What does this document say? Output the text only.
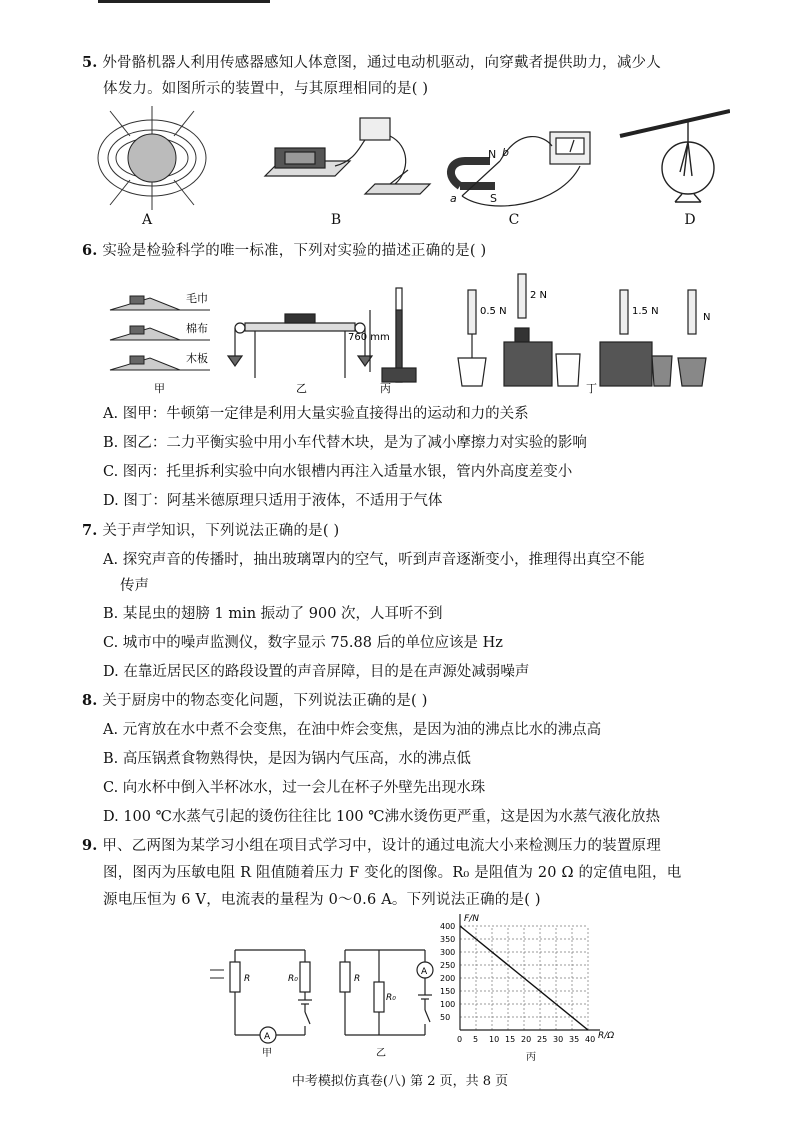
5. 外骨骼机器人利用传感器感知人体意图，通过电动机驱动，向穿戴者提供助力，减少人
体发力。如图所示的装置中，与其原理相同的是( )
N b
S
a
A	B	C	D
6. 实验是检验科学的唯一标准，下列对实验的描述正确的是( )
毛巾
棉布
木板
760 mm
0.5 N
2 N
1.5 N
N
甲	乙	丙	丁
A. 图甲：牛顿第一定律是利用大量实验直接得出的运动和力的关系
B. 图乙：二力平衡实验中用小车代替木块，是为了减小摩擦力对实验的影响
C. 图丙：托里拆利实验中向水银槽内再注入适量水银，管内外高度差变小
D. 图丁：阿基米德原理只适用于液体，不适用于气体
7. 关于声学知识，下列说法正确的是( )
A. 探究声音的传播时，抽出玻璃罩内的空气，听到声音逐渐变小，推理得出真空不能
传声
B. 某昆虫的翅膀 1 min 振动了 900 次，人耳听不到
C. 城市中的噪声监测仪，数字显示 75.88 后的单位应该是 Hz
D. 在靠近居民区的路段设置的声音屏障，目的是在声源处减弱噪声
8. 关于厨房中的物态变化问题，下列说法正确的是( )
A. 元宵放在水中煮不会变焦，在油中炸会变焦，是因为油的沸点比水的沸点高
B. 高压锅煮食物熟得快，是因为锅内气压高，水的沸点低
C. 向水杯中倒入半杯冰水，过一会儿在杯子外壁先出现水珠
D. 100 ℃水蒸气引起的烫伤往往比 100 ℃沸水烫伤更严重，这是因为水蒸气液化放热
9. 甲、乙两图为某学习小组在项目式学习中，设计的通过电流大小来检测压力的装置原理
图，图丙为压敏电阻 R 阻值随着压力 F 变化的图像。R₀ 是阻值为 20 Ω 的定值电阻，电
源电压恒为 6 V，电流表的量程为 0～0.6 A。下列说法正确的是( )
A
R	R₀
甲
A
R
R₀
乙
0 5 10 15 20 25 30 35 40
50
100
150
200
250
300
350
400
F/N
R/Ω
丙
中考模拟仿真卷(八) 第 2 页，共 8 页
